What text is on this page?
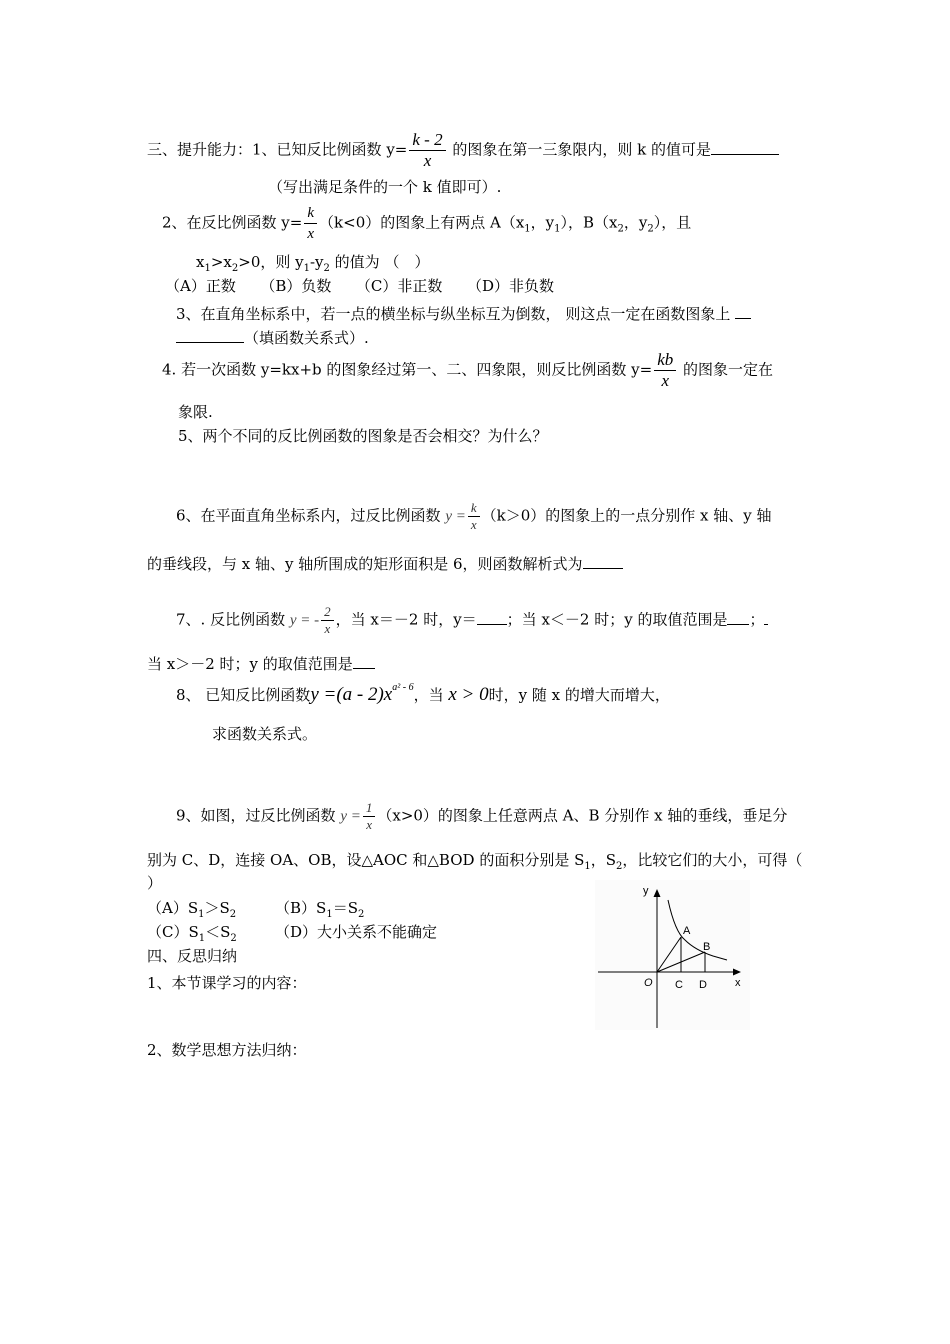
三、提升能力：1、已知反比例函数 $y= \frac{k - 2}{x}$ 的图象在第一三象限内，则 k 的值可是
（写出满足条件的一个 k 值即可）.
2、在反比例函数 $y= \frac{k}{x} (k<0)$的图象上有两点 $A(x_1$，$y_1$），$B(x_2$，$y_2$），且
$x_1>x_2>0$，则 $y_1-y_2$ 的值为 （　）
（A）正数 　 （B）负数 　 （C）非正数 　 （D）非负数
3、在直角坐标系中，若一点的横坐标与纵坐标互为倒数， 则这点一定在函数图象上
（填函数关系式）.
4. 若一次函数 y=kx+b 的图象经过第一、二、四象限，则反比例函数 $y= \frac{kb}{x}$ 的图象一定在
象限.
5、两个不同的反比例函数的图象是否会相交？为什么？
6、在平面直角坐标系内，过反比例函数 $y = \frac{k}{x} (k>0)$的图象上的一点分别作 x 轴、y 轴
的垂线段，与 x 轴、y 轴所围成的矩形面积是 6，则函数解析式为
7、. 反比例函数 y = - $\frac{2}{x}$ ，当 x＝－2 时，y＝ ；当 x＜－2 时；y 的取值范围是 ；
当 x＞－2 时；y 的取值范围是
8、 已知反比例函数$y =(a - 2)x^{a^2 - 6}$，当 x > 0时，y 随 x 的增大而增大，
求函数关系式。
9、如图，过反比例函数 $y = \frac{1}{x} (x>0)$的图象上任意两点 A、B 分别作 x 轴的垂线，垂足分
别为 C、D，连接 OA、OB，设△AOC 和△BOD 的面积分别是 $S_1$，$S_2$，比较它们的大小，可得（
）
$(A)S_1>S_2$	$(B)S_1=S_2$
$(C)S_1<S_2$	（D）大小关系不能确定
四、反思归纳
1、本节课学习的内容：
2、数学思想方法归纳：
y
x
O
A
B
C D
